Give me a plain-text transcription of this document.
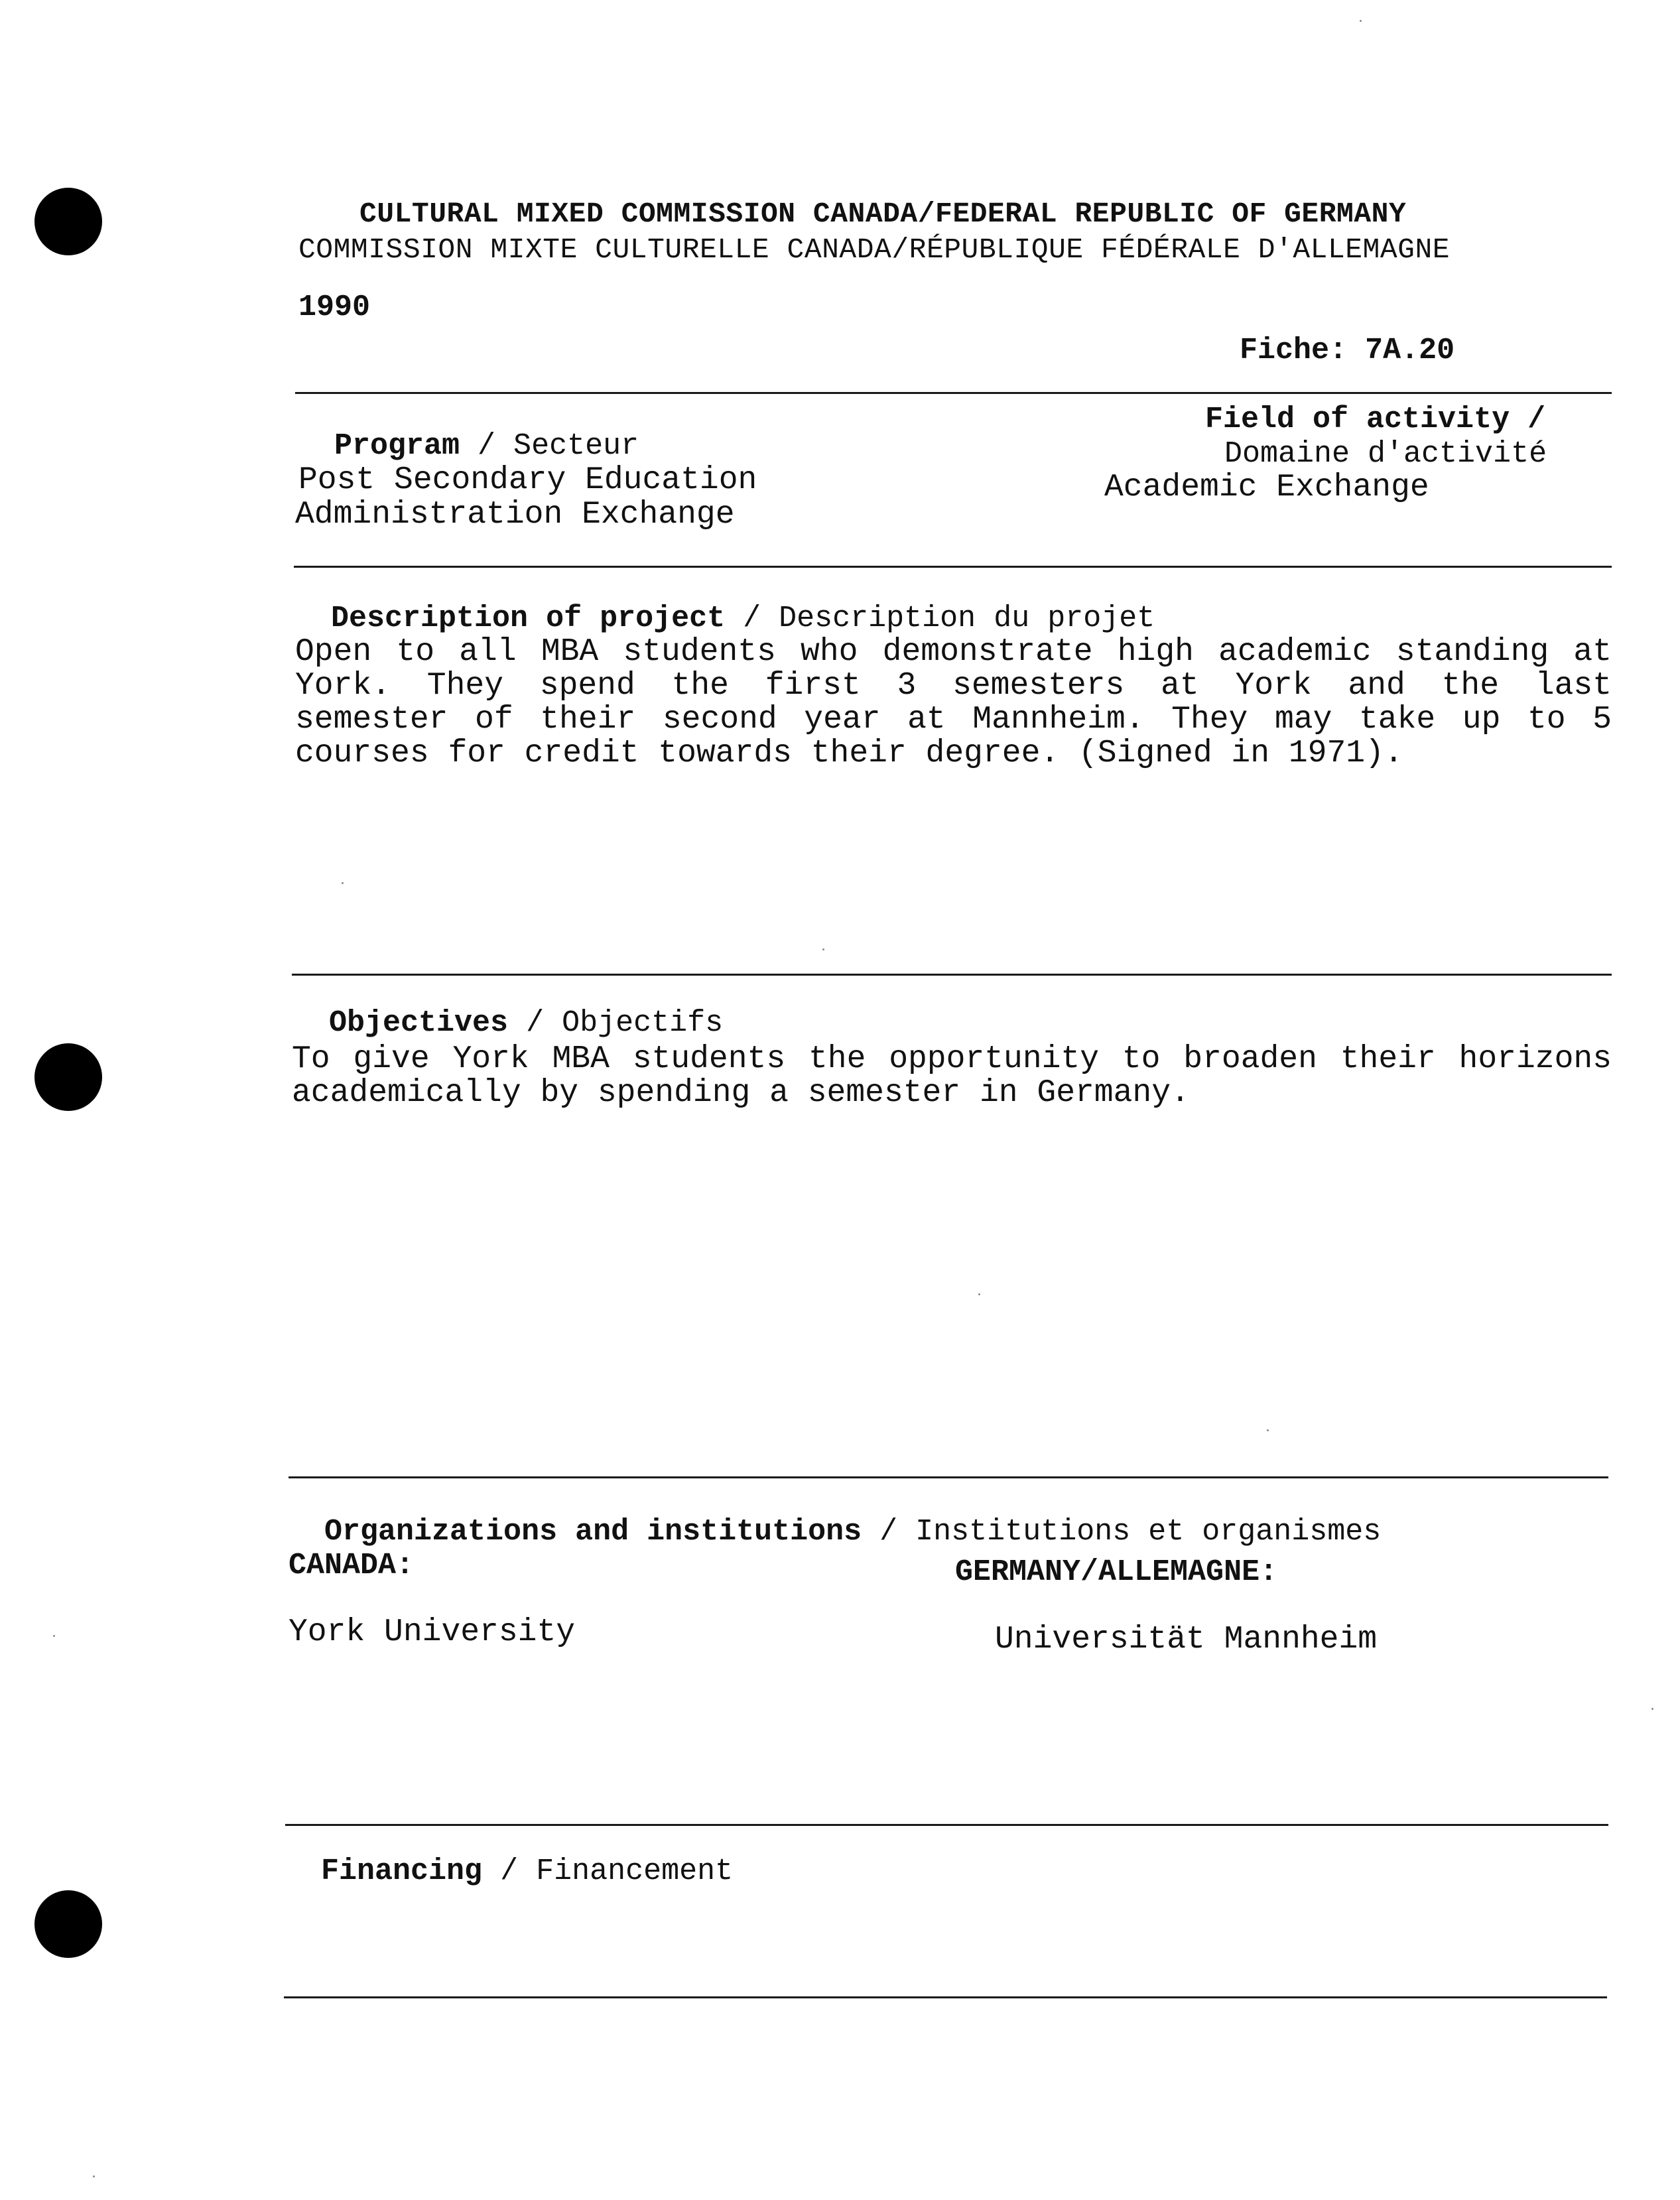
CULTURAL MIXED COMMISSION CANADA/FEDERAL REPUBLIC OF GERMANY
COMMISSION MIXTE CULTURELLE CANADA/RÉPUBLIQUE FÉDÉRALE D'ALLEMAGNE
1990

Fiche: 7A.20

Program / Secteur

Post Secondary Education
Administration Exchange
Field of activity /
Domaine d'activité
Academic Exchange

Description of project / Description du projet

Open to all MBA students who demonstrate high academic standing at

York. They spend the first 3 semesters at York and the last

semester of their second year at Mannheim. They may take up to 5

courses for credit towards their degree. (Signed in 1971).

Objectives / Objectifs

To give York MBA students the opportunity to broaden their horizons

academically by spending a semester in Germany.

Organizations and institutions / Institutions et organismes

CANADA:	GERMANY/ALLEMAGNE:
York University	Universität Mannheim

Financing / Financement
